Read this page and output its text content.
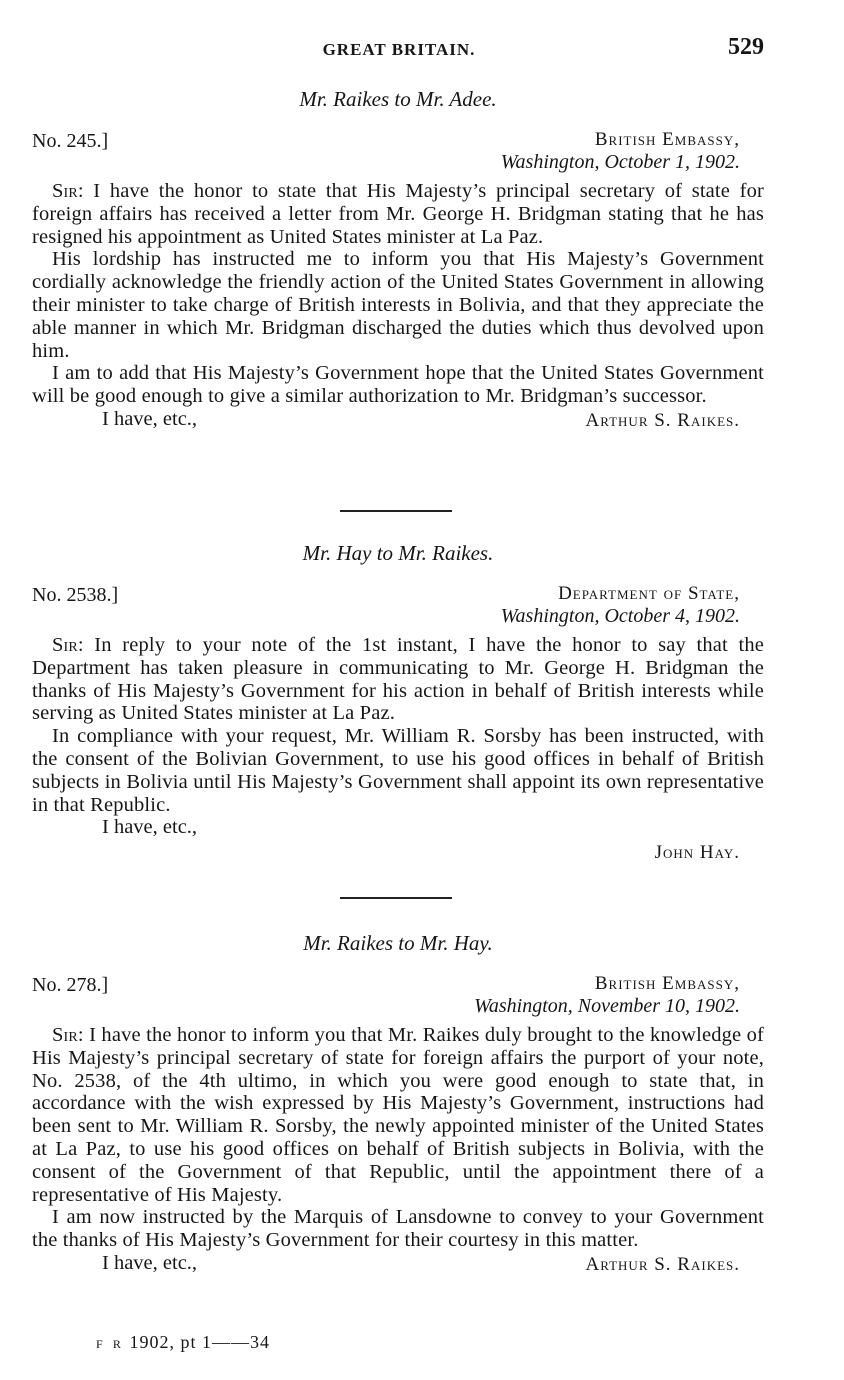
GREAT BRITAIN.	529
Mr. Raikes to Mr. Adee.
No. 245.]	British Embassy,
Washington, October 1, 1902.

Sir: I have the honor to state that His Majesty’s principal secretary of state for foreign affairs has received a letter from Mr. George H. Bridgman stating that he has resigned his appointment as United States minister at La Paz.

His lordship has instructed me to inform you that His Majesty’s Government cordially acknowledge the friendly action of the United States Government in allowing their minister to take charge of British interests in Bolivia, and that they appreciate the able manner in which Mr. Bridgman discharged the duties which thus devolved upon him.

I am to add that His Majesty’s Government hope that the United States Government will be good enough to give a similar authorization to Mr. Bridgman’s successor.

I have, etc.,	Arthur S. Raikes.
Mr. Hay to Mr. Raikes.
No. 2538.]	Department of State,
Washington, October 4, 1902.

Sir: In reply to your note of the 1st instant, I have the honor to say that the Department has taken pleasure in communicating to Mr. George H. Bridgman the thanks of His Majesty’s Government for his action in behalf of British interests while serving as United States minister at La Paz.

In compliance with your request, Mr. William R. Sorsby has been instructed, with the consent of the Bolivian Government, to use his good offices in behalf of British subjects in Bolivia until His Majesty’s Government shall appoint its own representative in that Republic.

I have, etc.,
John Hay.
Mr. Raikes to Mr. Hay.
No. 278.]	British Embassy,
Washington, November 10, 1902.

Sir: I have the honor to inform you that Mr. Raikes duly brought to the knowledge of His Majesty’s principal secretary of state for foreign affairs the purport of your note, No. 2538, of the 4th ultimo, in which you were good enough to state that, in accordance with the wish expressed by His Majesty’s Government, instructions had been sent to Mr. William R. Sorsby, the newly appointed minister of the United States at La Paz, to use his good offices on behalf of British subjects in Bolivia, with the consent of the Government of that Republic, until the appointment there of a representative of His Majesty.

I am now instructed by the Marquis of Lansdowne to convey to your Government the thanks of His Majesty’s Government for their courtesy in this matter.

I have, etc.,	Arthur S. Raikes.
f r 1902, pt 1——34
